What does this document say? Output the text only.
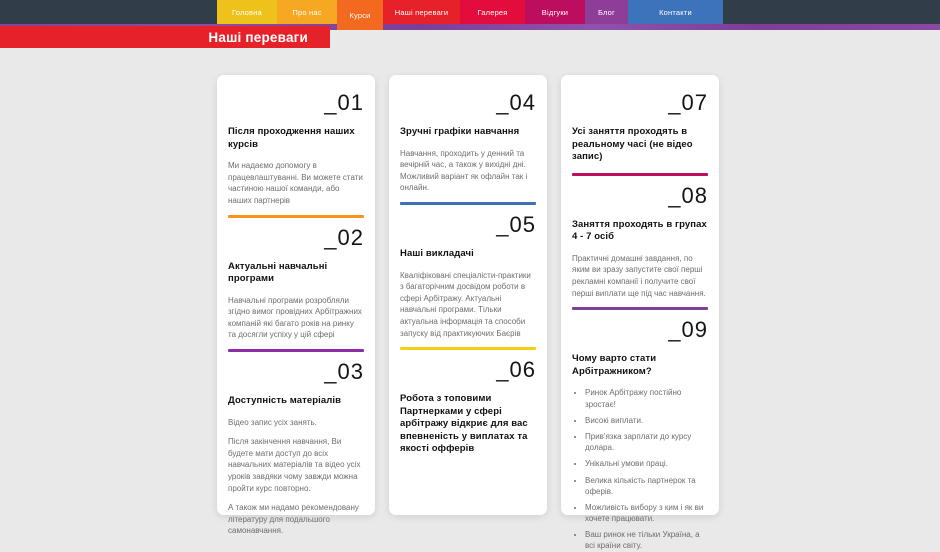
Головна	Про нас	Курси	Наші переваги	Галерея	Відгуки	Блог	Контакти
Наші переваги
_01
Після проходження наших курсів

Ми надаємо допомогу в працевлаштуванні. Ви можете стати частиною нашої команди, або наших партнерів

_02
Актуальні навчальні програми

Навчальні програми розробляли згідно вимог провідних Арбітражних компаній які багато років на ринку та досягли успіху у цій сфері

_03
Доступність матеріалів

Відео запис усіх занять.

Після закінчення навчання, Ви будете мати доступ до всіх навчальних матеріалів та відео усіх уроків завдяки чому завжди можна пройти курс повторно.

А також ми надамо рекомендовану літературу для подальшого самонавчання.

_04
Зручні графіки навчання

Навчання, проходить у денний та вечірній час, а також у вихідні дні. Можливий варіант як офлайн так і онлайн.

_05
Наші викладачі

Кваліфіковані спеціалісти-практики з багаторічним досвідом роботи в сфері Арбітражу. Актуальні навчальні програми. Тільки актуальна інформація та способи запуску від практикуючих Баєрів

_06
Робота з топовими Партнерками у сфері арбітражу відкриє для вас впевненість у виплатах та якості офферів
_07
Усі заняття проходять в реальному часі (не відео запис)
_08
Заняття проходять в групах 4 - 7 осіб

Практичні домашні завдання, по яким ви зразу запустите свої перші рекламні компанії і получите свої перші виплати ще під час навчання.

_09
Чому варто стати Арбітражником?
• Ринок Арбітражу постійно зростає!
• Високі виплати.
• Прив'язка зарплати до курсу долара.
• Унікальні умови праці.
• Велика кількість партнерок та оферів.
• Можливість вибору з ким і як ви хочете працювати.
• Ваш ринок не тільки Україна, а всі країни світу.
